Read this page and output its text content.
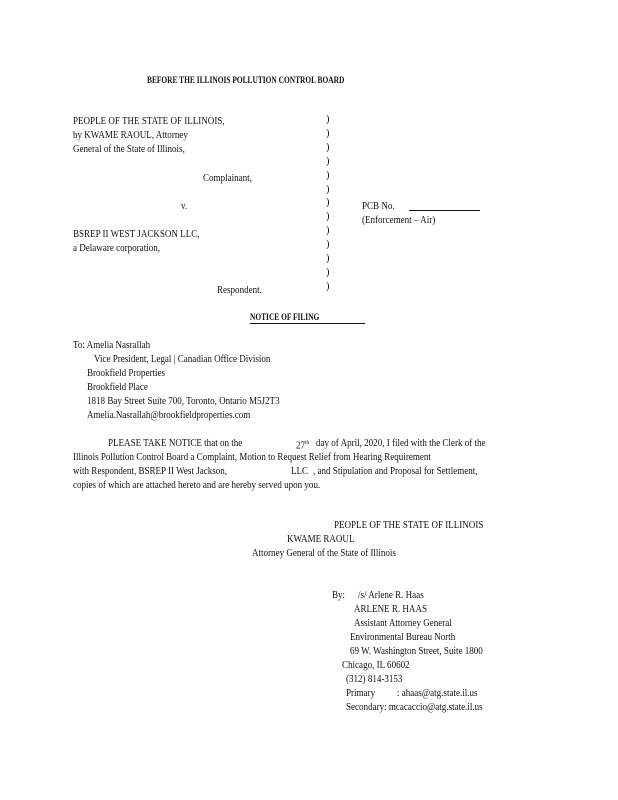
BEFORE THE ILLINOIS POLLUTION CONTROL BOARD
PEOPLE OF THE STATE OF ILLINOIS,
by KWAME RAOUL, Attorney
General of the State of Illinois,
Complainant,
v.
BSREP II WEST JACKSON LLC,
a Delaware corporation,
Respondent.
)
)
)
)
)
)
)
)
)
)
)
)
)
PCB No.
(Enforcement – Air)
NOTICE OF FILING
To: Amelia Nasrallah
Vice President, Legal | Canadian Office Division
Brookfield Properties
Brookfield Place
1818 Bay Street Suite 700, Toronto, Ontario M5J2T3
Amelia.Nasrallah@brookfieldproperties.com
PLEASE TAKE NOTICE that on the	27th day of April, 2020, I filed with the Clerk of the
Illinois Pollution Control Board a Complaint, Motion to Request Relief from Hearing Requirement
with Respondent, BSREP II West Jackson,	LLC , and Stipulation and Proposal for Settlement,
copies of which are attached hereto and are hereby served upon you.
PEOPLE OF THE STATE OF ILLINOIS
KWAME RAOUL
Attorney General of the State of Illinois
By: /s/ Arlene R. Haas
ARLENE R. HAAS
Assistant Attorney General
Environmental Bureau North
69 W. Washington Street, Suite 1800
Chicago, IL 60602
(312) 814-3153
Primary : ahaas@atg.state.il.us
Secondary: mcacaccio@atg.state.il.us
